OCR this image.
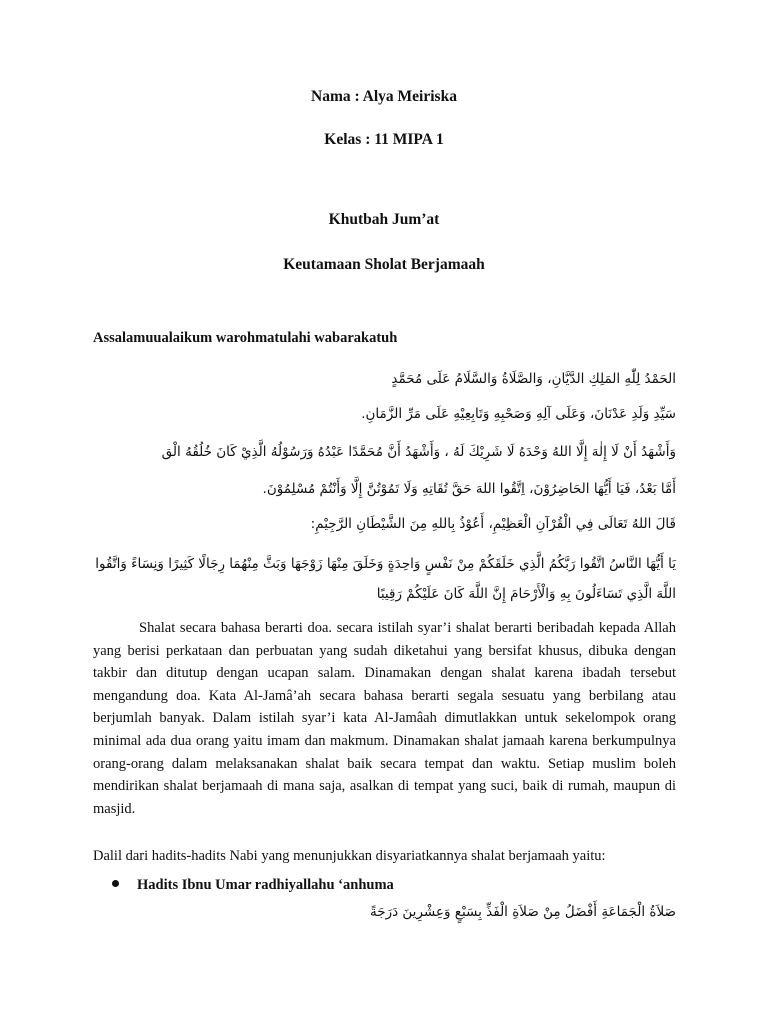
Nama : Alya Meiriska
Kelas : 11 MIPA 1
Khutbah Jum’at
Keutamaan Sholat Berjamaah
Assalamuualaikum warohmatulahi wabarakatuh
الحَمْدُ لِلّٰهِ المَلِكِ الدَّيَّانِ، وَالصَّلَاةُ وَالسَّلَامُ عَلَى مُحَمَّدٍ
سَيِّدِ وَلَدِ عَدْنَانَ، وَعَلَى آلِهِ وَصَحْبِهِ وَتَابِعِيْهِ عَلَى مَرِّ الزَّمَانِ.
وَأَشْهَدُ أَنْ لَا إِلٰهَ إِلَّا اللهُ وَحْدَهُ لَا شَرِيْكَ لَهُ ، وَأَشْهَدُ أَنَّ مُحَمَّدًا عَبْدُهُ وَرَسُوْلُهُ الَّذِيْ كَانَ خُلُقُهُ الْق
أَمَّا بَعْدُ، فَيَا أَيُّهَا الحَاضِرُوْنَ، اِتَّقُوا اللهَ حَقَّ تُقَاتِهِ وَلَا تَمُوْتُنَّ إِلَّا وَأَنْتُمْ مُسْلِمُوْنَ.
قَالَ اللهُ تَعَالَى فِي الْقُرْآنِ الْعَظِيْمِ، أَعُوْذُ بِاللهِ مِنَ الشَّيْطَانِ الرَّجِيْمِ:
يَا أَيُّهَا النَّاسُ اتَّقُوا رَبَّكُمُ الَّذِي خَلَقَكُمْ مِنْ نَفْسٍ وَاحِدَةٍ وَخَلَقَ مِنْهَا زَوْجَهَا وَبَثَّ مِنْهُمَا رِجَالًا كَثِيرًا وَنِسَاءً وَاتَّقُوا اللَّهَ الَّذِي تَسَاءَلُونَ بِهِ وَالْأَرْحَامَ إِنَّ اللَّهَ كَانَ عَلَيْكُمْ رَقِيبًا

Shalat secara bahasa berarti doa. secara istilah syar’i shalat berarti beribadah kepada Allah yang berisi perkataan dan perbuatan yang sudah diketahui yang bersifat khusus, dibuka dengan takbir dan ditutup dengan ucapan salam. Dinamakan dengan shalat karena ibadah tersebut mengandung doa. Kata Al-Jamâ’ah secara bahasa berarti segala sesuatu yang berbilang atau berjumlah banyak. Dalam istilah syar’i kata Al-Jamâah dimutlakkan untuk sekelompok orang minimal ada dua orang yaitu imam dan makmum. Dinamakan shalat jamaah karena berkumpulnya orang-orang dalam melaksanakan shalat baik secara tempat dan waktu. Setiap muslim boleh mendirikan shalat berjamaah di mana saja, asalkan di tempat yang suci, baik di rumah, maupun di masjid.

Dalil dari hadits-hadits Nabi yang menunjukkan disyariatkannya shalat berjamaah yaitu:
Hadits Ibnu Umar radhiyallahu ‘anhuma
صَلاَةُ الْجَمَاعَةِ أَفْضَلُ مِنْ صَلاَةِ الْفَذِّ بِسَبْعٍ وَعِشْرِينَ دَرَجَةً
